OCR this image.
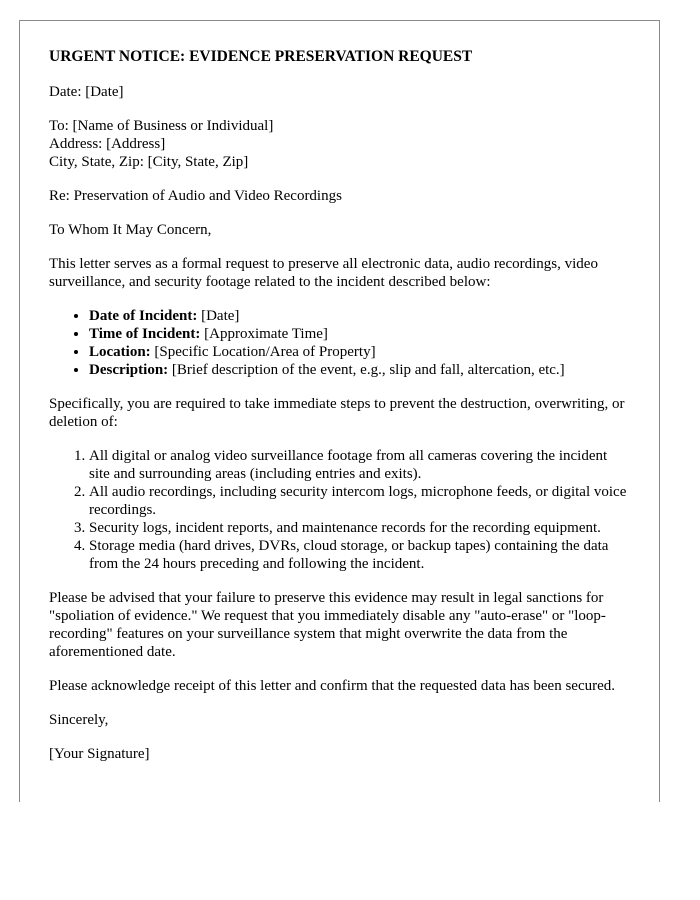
URGENT NOTICE: EVIDENCE PRESERVATION REQUEST

Date: [Date]

To: [Name of Business or Individual]
Address: [Address]
City, State, Zip: [City, State, Zip]

Re: Preservation of Audio and Video Recordings

To Whom It May Concern,

This letter serves as a formal request to preserve all electronic data, audio recordings, video surveillance, and security footage related to the incident described below:

• Date of Incident: [Date]
• Time of Incident: [Approximate Time]
• Location: [Specific Location/Area of Property]
• Description: [Brief description of the event, e.g., slip and fall, altercation, etc.]

Specifically, you are required to take immediate steps to prevent the destruction, overwriting, or deletion of:

1. All digital or analog video surveillance footage from all cameras covering the incident site and surrounding areas (including entries and exits).
2. All audio recordings, including security intercom logs, microphone feeds, or digital voice recordings.
3. Security logs, incident reports, and maintenance records for the recording equipment.
4. Storage media (hard drives, DVRs, cloud storage, or backup tapes) containing the data from the 24 hours preceding and following the incident.

Please be advised that your failure to preserve this evidence may result in legal sanctions for "spoliation of evidence." We request that you immediately disable any "auto-erase" or "loop-recording" features on your surveillance system that might overwrite the data from the aforementioned date.

Please acknowledge receipt of this letter and confirm that the requested data has been secured.

Sincerely,

[Your Signature]
